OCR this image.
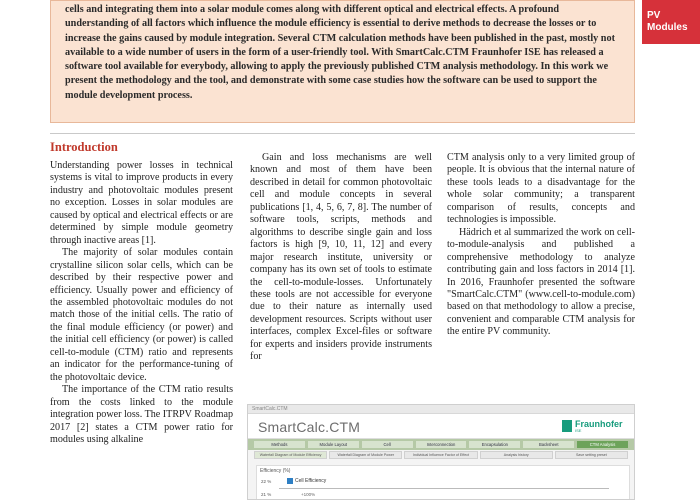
cells and integrating them into a solar module comes along with different optical and electrical effects. A profound understanding of all factors which influence the module efficiency is essential to derive methods to decrease the losses or to increase the gains caused by module integration. Several CTM calculation methods have been published in the past, mostly not available to a wide number of users in the form of a user-friendly tool. With SmartCalc.CTM Fraunhofer ISE has released a software tool available for everybody, allowing to apply the previously published CTM analysis methodology. In this work we present the methodology and the tool, and demonstrate with some case studies how the software can be used to support the module development process.

PV
Modules
Introduction

Understanding power losses in technical systems is vital to improve products in every industry and photovoltaic modules present no exception. Losses in solar modules are caused by optical and electrical effects or are determined by simple module geometry through inactive areas [1].

The majority of solar modules contain crystalline silicon solar cells, which can be described by their respective power and efficiency. Usually power and efficiency of the assembled photovoltaic modules do not match those of the initial cells. The ratio of the final module efficiency (or power) and the initial cell efficiency (or power) is called cell-to-module (CTM) ratio and represents an indicator for the performance-tuning of the photovoltaic device.

The importance of the CTM ratio results from the costs linked to the module integration power loss. The ITRPV Roadmap 2017 [2] states a CTM power ratio for modules using alkaline

Gain and loss mechanisms are well known and most of them have been described in detail for common photovoltaic cell and module concepts in several publications [1, 4, 5, 6, 7, 8]. The number of software tools, scripts, methods and algorithms to describe single gain and loss factors is high [9, 10, 11, 12] and every major research institute, university or company has its own set of tools to estimate the cell-to-module-losses. Unfortunately these tools are not accessible for everyone due to their nature as internally used development resources. Scripts without user interfaces, complex Excel-files or software for experts and insiders provide instruments for

CTM analysis only to a very limited group of people. It is obvious that the internal nature of these tools leads to a disadvantage for the whole solar community; a transparent comparison of results, concepts and technologies is impossible.

Hädrich et al summarized the work on cell-to-module-analysis and published a comprehensive methodology to analyze contributing gain and loss factors in 2014 [1]. In 2016, Fraunhofer presented the software "SmartCalc.CTM" (www.cell-to-module.com) based on that methodology to allow a precise, convenient and comparable CTM analysis for the entire PV community.

SmartCalc.CTM
SmartCalc.CTM	Fraunhofer
ISE
Methods	Module Layout	Cell	Interconnection	Encapsulation	Backsheet	CTM Analysis
Waterfall Diagram of Module Efficiency	Waterfall Diagram of Module Power	Individual Influence Factor of Effect	Analysis history	Save setting preset
Efficiency (%)
22 %
21 %
Cell Efficiency
+100%
